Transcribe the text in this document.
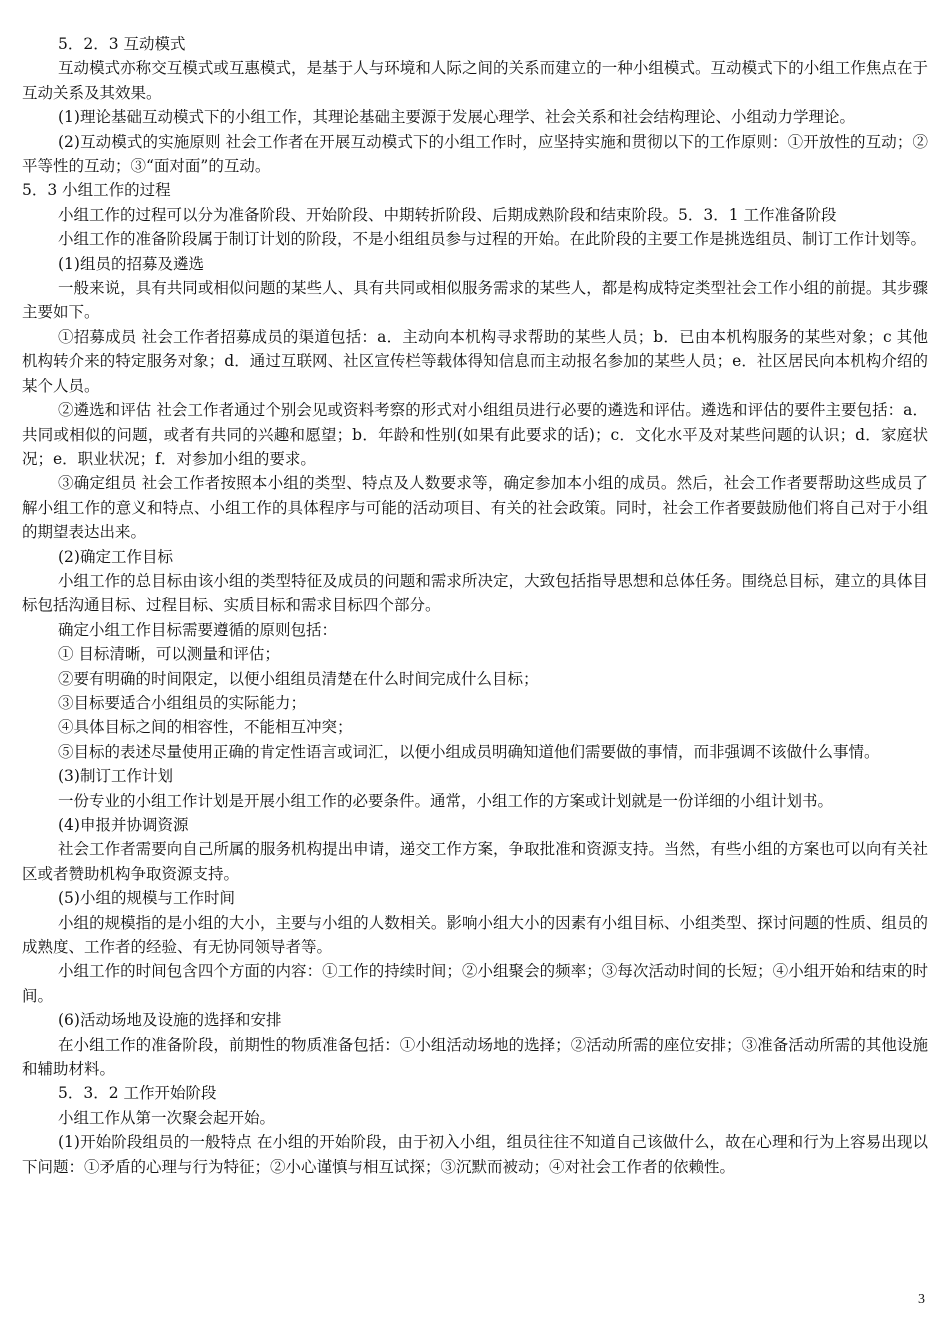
5．2．3 互动模式
互动模式亦称交互模式或互惠模式，是基于人与环境和人际之间的关系而建立的一种小组模式。互动模式下的小组工作焦点在于互动关系及其效果。
(1)理论基础互动模式下的小组工作，其理论基础主要源于发展心理学、社会关系和社会结构理论、小组动力学理论。
(2)互动模式的实施原则 社会工作者在开展互动模式下的小组工作时，应坚持实施和贯彻以下的工作原则：①开放性的互动；②平等性的互动；③“面对面”的互动。
5．3 小组工作的过程
小组工作的过程可以分为准备阶段、开始阶段、中期转折阶段、后期成熟阶段和结束阶段。5．3．1 工作准备阶段
小组工作的准备阶段属于制订计划的阶段，不是小组组员参与过程的开始。在此阶段的主要工作是挑选组员、制订工作计划等。
(1)组员的招募及遴选
一般来说，具有共同或相似问题的某些人、具有共同或相似服务需求的某些人，都是构成特定类型社会工作小组的前提。其步骤主要如下。
①招募成员 社会工作者招募成员的渠道包括：a．主动向本机构寻求帮助的某些人员；b．已由本机构服务的某些对象；c 其他机构转介来的特定服务对象；d．通过互联网、社区宣传栏等载体得知信息而主动报名参加的某些人员；e．社区居民向本机构介绍的某个人员。
②遴选和评估 社会工作者通过个别会见或资料考察的形式对小组组员进行必要的遴选和评估。遴选和评估的要件主要包括：a．共同或相似的问题，或者有共同的兴趣和愿望；b．年龄和性别(如果有此要求的话)；c．文化水平及对某些问题的认识；d．家庭状况；e．职业状况；f．对参加小组的要求。
③确定组员 社会工作者按照本小组的类型、特点及人数要求等，确定参加本小组的成员。然后，社会工作者要帮助这些成员了解小组工作的意义和特点、小组工作的具体程序与可能的活动项目、有关的社会政策。同时，社会工作者要鼓励他们将自己对于小组的期望表达出来。
(2)确定工作目标
小组工作的总目标由该小组的类型特征及成员的问题和需求所决定，大致包括指导思想和总体任务。围绕总目标，建立的具体目标包括沟通目标、过程目标、实质目标和需求目标四个部分。
确定小组工作目标需要遵循的原则包括：
① 目标清晰，可以测量和评估；
②要有明确的时间限定，以便小组组员清楚在什么时间完成什么目标；
③目标要适合小组组员的实际能力；
④具体目标之间的相容性，不能相互冲突；
⑤目标的表述尽量使用正确的肯定性语言或词汇，以便小组成员明确知道他们需要做的事情，而非强调不该做什么事情。
(3)制订工作计划
一份专业的小组工作计划是开展小组工作的必要条件。通常，小组工作的方案或计划就是一份详细的小组计划书。
(4)申报并协调资源
社会工作者需要向自己所属的服务机构提出申请，递交工作方案，争取批准和资源支持。当然，有些小组的方案也可以向有关社区或者赞助机构争取资源支持。
(5)小组的规模与工作时间
小组的规模指的是小组的大小，主要与小组的人数相关。影响小组大小的因素有小组目标、小组类型、探讨问题的性质、组员的成熟度、工作者的经验、有无协同领导者等。
小组工作的时间包含四个方面的内容：①工作的持续时间；②小组聚会的频率；③每次活动时间的长短；④小组开始和结束的时间。
(6)活动场地及设施的选择和安排
在小组工作的准备阶段，前期性的物质准备包括：①小组活动场地的选择；②活动所需的座位安排；③准备活动所需的其他设施和辅助材料。
5．3．2 工作开始阶段
小组工作从第一次聚会起开始。
(1)开始阶段组员的一般特点 在小组的开始阶段，由于初入小组，组员往往不知道自己该做什么，故在心理和行为上容易出现以下问题：①矛盾的心理与行为特征；②小心谨慎与相互试探；③沉默而被动；④对社会工作者的依赖性。
3
